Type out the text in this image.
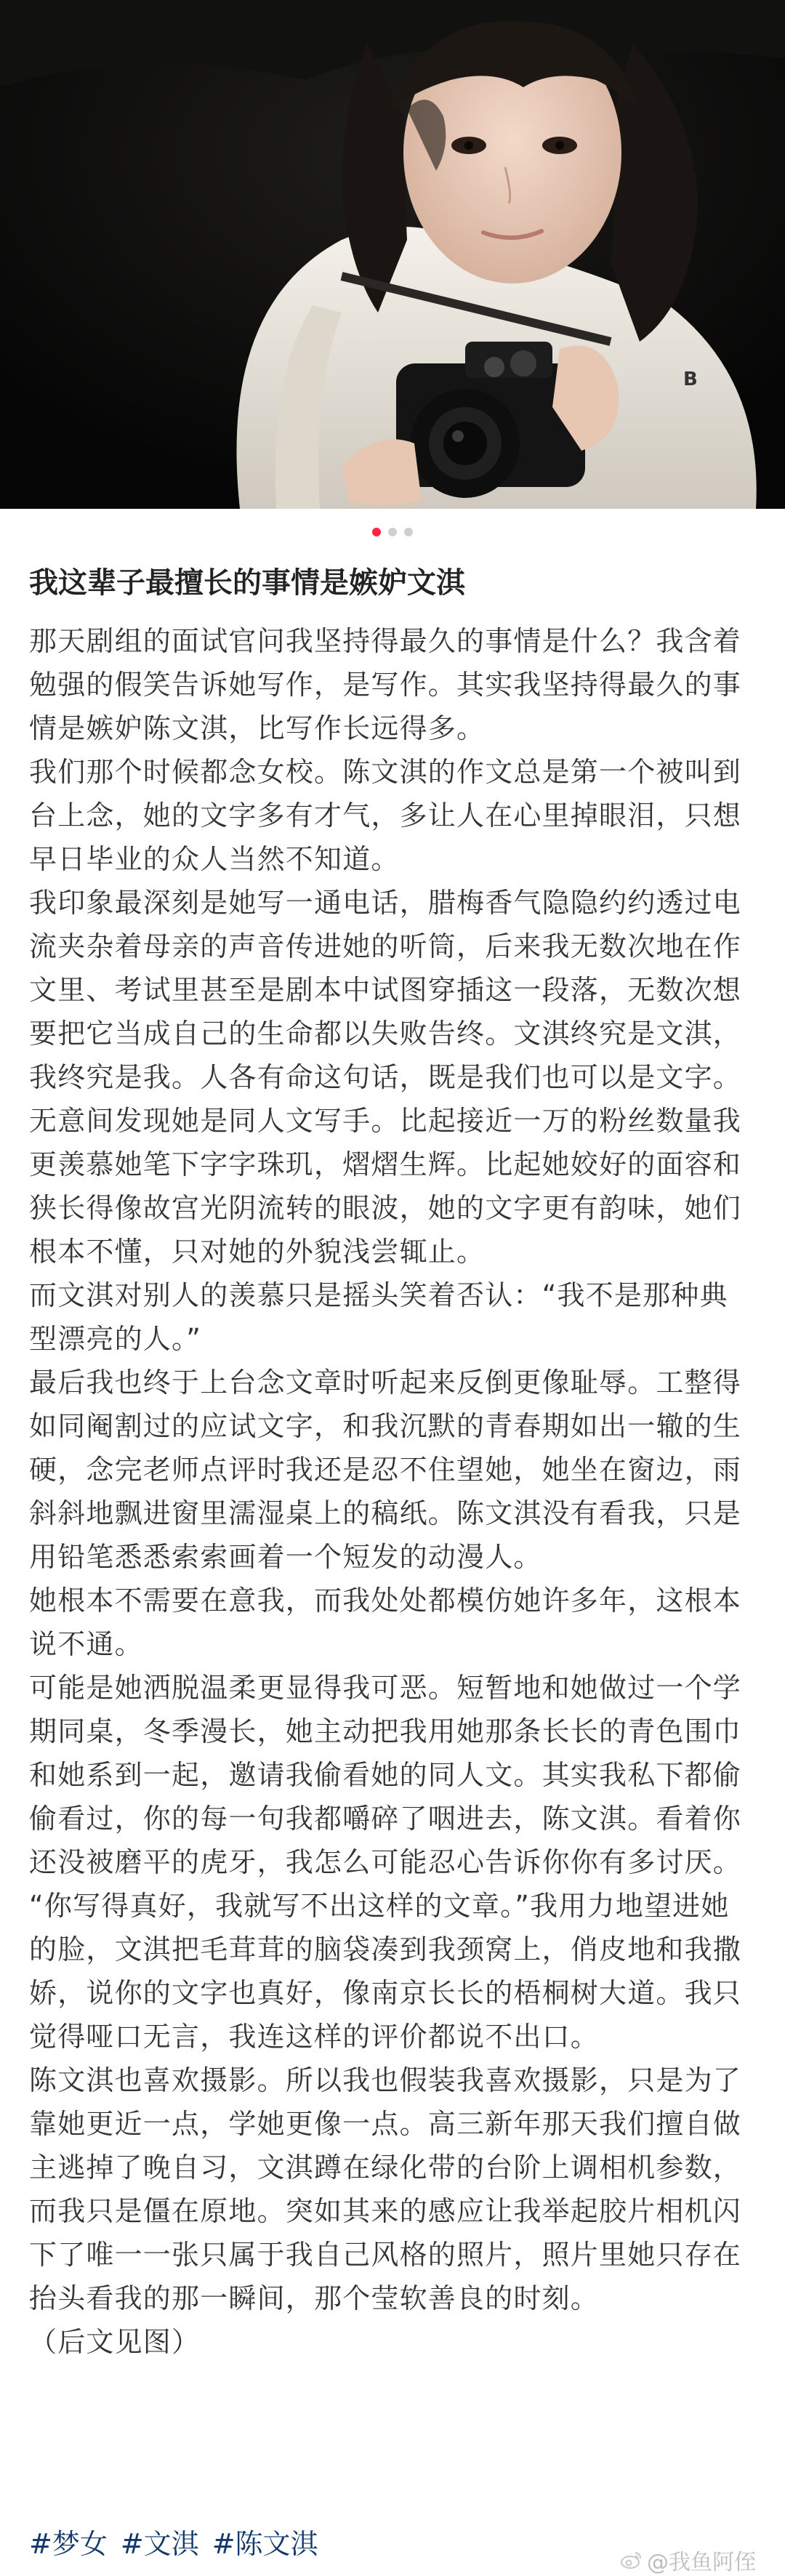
B
我这辈子最擅长的事情是嫉妒文淇

那天剧组的面试官问我坚持得最久的事情是什么？我含着勉强的假笑告诉她写作，是写作。其实我坚持得最久的事情是嫉妒陈文淇，比写作长远得多。

我们那个时候都念女校。陈文淇的作文总是第一个被叫到台上念，她的文字多有才气，多让人在心里掉眼泪，只想早日毕业的众人当然不知道。

我印象最深刻是她写一通电话，腊梅香气隐隐约约透过电流夹杂着母亲的声音传进她的听筒，后来我无数次地在作文里、考试里甚至是剧本中试图穿插这一段落，无数次想要把它当成自己的生命都以失败告终。文淇终究是文淇，我终究是我。人各有命这句话，既是我们也可以是文字。

无意间发现她是同人文写手。比起接近一万的粉丝数量我更羡慕她笔下字字珠玑，熠熠生辉。比起她姣好的面容和狭长得像故宫光阴流转的眼波，她的文字更有韵味，她们根本不懂，只对她的外貌浅尝辄止。

而文淇对别人的羡慕只是摇头笑着否认：“我不是那种典型漂亮的人。”

最后我也终于上台念文章时听起来反倒更像耻辱。工整得如同阉割过的应试文字，和我沉默的青春期如出一辙的生硬，念完老师点评时我还是忍不住望她，她坐在窗边，雨斜斜地飘进窗里濡湿桌上的稿纸。陈文淇没有看我，只是用铅笔悉悉索索画着一个短发的动漫人。

她根本不需要在意我，而我处处都模仿她许多年，这根本说不通。

可能是她洒脱温柔更显得我可恶。短暂地和她做过一个学期同桌，冬季漫长，她主动把我用她那条长长的青色围巾和她系到一起，邀请我偷看她的同人文。其实我私下都偷偷看过，你的每一句我都嚼碎了咽进去，陈文淇。看着你还没被磨平的虎牙，我怎么可能忍心告诉你你有多讨厌。

“你写得真好，我就写不出这样的文章。”我用力地望进她的脸，文淇把毛茸茸的脑袋凑到我颈窝上，俏皮地和我撒娇，说你的文字也真好，像南京长长的梧桐树大道。我只觉得哑口无言，我连这样的评价都说不出口。

陈文淇也喜欢摄影。所以我也假装我喜欢摄影，只是为了靠她更近一点，学她更像一点。高三新年那天我们擅自做主逃掉了晚自习，文淇蹲在绿化带的台阶上调相机参数，而我只是僵在原地。突如其来的感应让我举起胶片相机闪下了唯一一张只属于我自己风格的照片，照片里她只存在抬头看我的那一瞬间，那个莹软善良的时刻。

（后文见图）

#梦女 #文淇 #陈文淇
@我鱼阿侄
